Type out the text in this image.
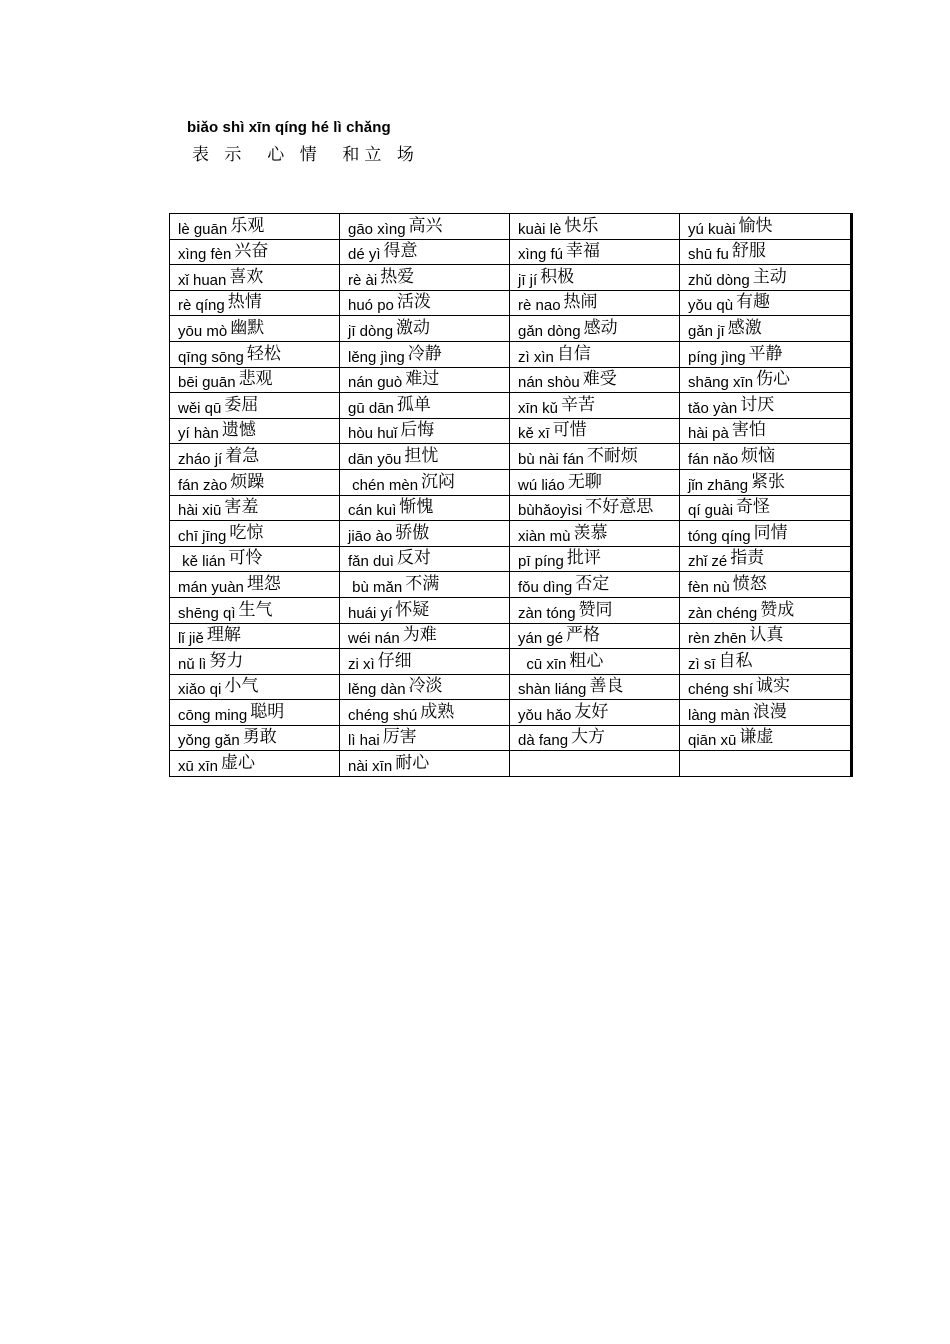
biǎo shì xīn qíng hé lì chǎng
表 示  心 情  和立 场
lè guān 乐观	gāo xìng 高兴	kuài lè 快乐	yú kuài 愉快
xìng fèn 兴奋	dé yì 得意	xìng fú 幸福	shū fu 舒服
xǐ huan 喜欢	rè ài 热爱	jī jí 积极	zhǔ dòng 主动
rè qíng 热情	huó po 活泼	rè nao 热闹	yǒu qù 有趣
yōu mò 幽默	jī dòng 激动	gǎn dòng 感动	gǎn jī 感激
qīng sōng 轻松	lěng jìng 冷静	zì xìn 自信	píng jìng 平静
bēi guān 悲观	nán guò 难过	nán shòu 难受	shāng xīn 伤心
wěi qū 委屈	gū dān 孤单	xīn kǔ 辛苦	tǎo yàn 讨厌
yí hàn 遗憾	hòu huǐ 后悔	kě xī 可惜	hài pà 害怕
zháo jí 着急	dān yōu 担忧	bù nài fán 不耐烦	fán nǎo 烦恼
fán zào 烦躁	chén mèn 沉闷	wú liáo 无聊	jǐn zhāng 紧张
hài xiū 害羞	cán kuì 惭愧	bùhǎoyìsi 不好意思	qí guài 奇怪
chī jīng 吃惊	jiāo ào 骄傲	xiàn mù 羡慕	tóng qíng 同情
kě lián 可怜	fǎn duì 反对	pī píng 批评	zhǐ zé 指责
mán yuàn 埋怨	bù mǎn 不满	fǒu dìng 否定	fèn nù 愤怒
shēng qì 生气	huái yí 怀疑	zàn tóng 赞同	zàn chéng 赞成
lǐ jiě 理解	wéi nán 为难	yán gé 严格	rèn zhēn 认真
nǔ lì 努力	zi xì 仔细	cū xīn 粗心	zì sī 自私
xiǎo qi 小气	lěng dàn 冷淡	shàn liáng 善良	chéng shí 诚实
cōng ming 聪明	chéng shú 成熟	yǒu hǎo 友好	làng màn 浪漫
yǒng gǎn 勇敢	lì hai 厉害	dà fang 大方	qiān xū 谦虚
xū xīn 虚心	nài xīn 耐心		
